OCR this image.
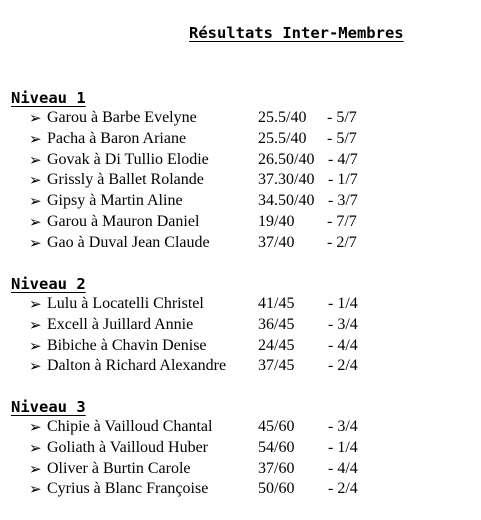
Résultats Inter-Membres
Niveau 1
➢ Garou à Barbe Evelyne	25.5/40 - 5/7
➢ Pacha à Baron Ariane	25.5/40 - 5/7
➢ Govak à Di Tullio Elodie	26.50/40 - 4/7
➢ Grissly à Ballet Rolande	37.30/40 - 1/7
➢ Gipsy à Martin Aline	34.50/40 - 3/7
➢ Garou à Mauron Daniel	19/40 - 7/7
➢ Gao à Duval Jean Claude	37/40 - 2/7
Niveau 2
➢ Lulu à Locatelli Christel	41/45 - 1/4
➢ Excell à Juillard Annie	36/45 - 3/4
➢ Bibiche à Chavin Denise	24/45 - 4/4
➢ Dalton à Richard Alexandre 37/45 - 2/4
Niveau 3
➢ Chipie à Vailloud Chantal	45/60 - 3/4
➢ Goliath à Vailloud Huber	54/60 - 1/4
➢ Oliver à Burtin Carole	37/60 - 4/4
➢ Cyrius à Blanc Françoise	50/60 - 2/4
